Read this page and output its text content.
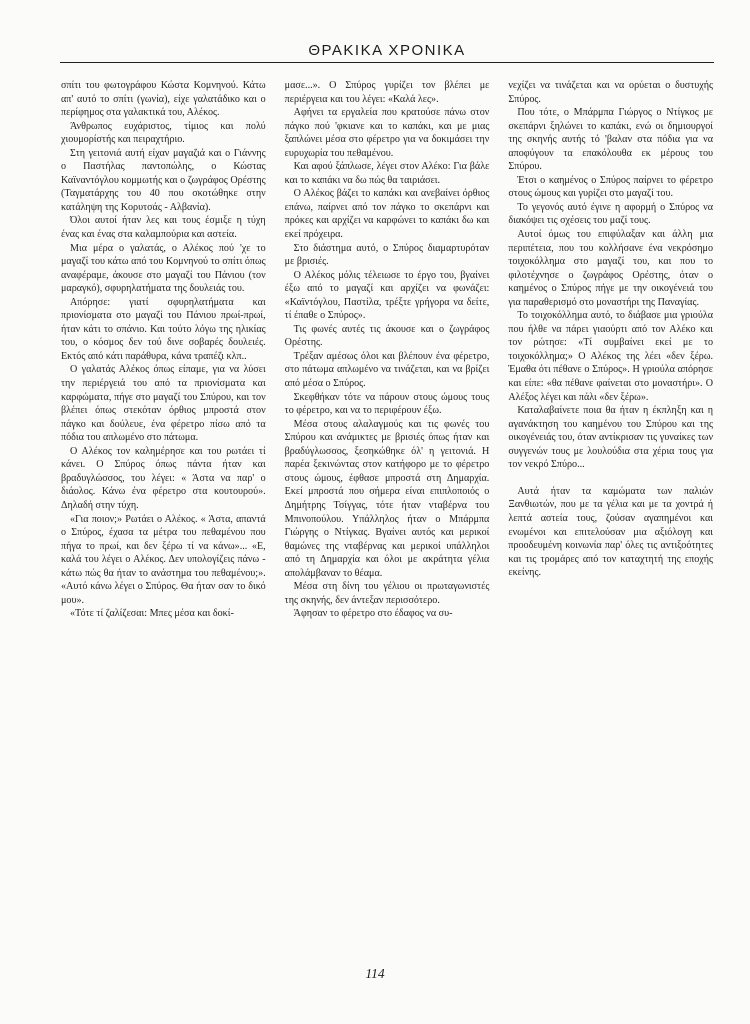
ΘΡΑΚΙΚΑ ΧΡΟΝΙΚΑ

σπίτι του φωτογράφου Κώστα Κομνηνού. Κάτω απ' αυτό το σπίτι (γωνία), είχε γαλατάδικο και ο περίφημος στα γαλακτικά του, Αλέκος.

Άνθρωπος ευχάριστος, τίμιος και πολύ χιουμορίστής και πειραχτήριο.

Στη γειτονιά αυτή είχαν μαγαζιά και ο Γιάννης ο Παστήλας παντοπώλης, ο Κώστας Καϊναντόγλου κομμωτής και ο ζωγράφος Ορέστης (Ταγματάρχης του 40 που σκοτώθηκε στην κατάληψη της Κορυτσάς - Αλβανία).

Όλοι αυτοί ήταν λες και τους έσμιξε η τύχη ένας και ένας στα καλαμπούρια και αστεία.

Μια μέρα ο γαλατάς, ο Αλέκος πού 'χε το μαγαζί του κάτω από του Κομνηνού το σπίτι όπως αναφέραμε, άκουσε στο μαγαζί του Πάνιου (τον μαραγκό), σφυρηλατήματα της δουλειάς του.

Απόρησε: γιατί σφυρηλατήματα και πριονίσματα στο μαγαζί του Πάνιου πρωί-πρωί, ήταν κάτι το σπάνιο. Και τούτο λόγω της ηλικίας του, ο κόσμος δεν τού δινε σοβαρές δουλειές. Εκτός από κάτι παράθυρα, κάνα τραπέζι κλπ..

Ο γαλατάς Αλέκος όπως είπαμε, για να λύσει την περιέργειά του από τα πριονίσματα και καρφώματα, πήγε στο μαγαζί του Σπύρου, και τον βλέπει όπως στεκόταν όρθιος μπροστά στον πάγκο και δούλευε, ένα φέρετρο πίσω από τα πόδια του απλωμένο στο πάτωμα.

Ο Αλέκος τον καλημέρησε και του ρωτάει τί κάνει. Ο Σπύρος όπως πάντα ήταν και βραδυγλώσσος, του λέγει: « Άστα να παρ' ο διάολος. Κάνω ένα φέρετρο στα κουτουρού». Δηλαδή στην τύχη.

«Για ποιον;» Ρωτάει ο Αλέκος. « Άστα, απαντά ο Σπύρος, έχασα τα μέτρα του πεθαμένου που πήγα το πρωί, και δεν ξέρω τί να κάνω»... «Ε, καλά του λέγει ο Αλέκος. Δεν υπολογίζεις πάνω - κάτω πώς θα ήταν το ανάστημα του πεθαμένου;». «Αυτό κάνω λέγει ο Σπύρος. Θα ήταν σαν το δικό μου».

«Τότε τί ζαλίζεσαι: Μπες μέσα και δοκί-

μασε...». Ο Σπύρος γυρίζει τον βλέπει με περιέργεια και του λέγει: «Καλά λες».

Αφήνει τα εργαλεία που κρατούσε πάνω στον πάγκο πού 'φκιανε και το καπάκι, και με μιας ξαπλώνει μέσα στο φέρετρο για να δοκιμάσει την ευρυχωρία του πεθαμένου.

Και αφού ξάπλωσε, λέγει στον Αλέκο: Για βάλε και το καπάκι να δω πώς θα ταιριάσει.

Ο Αλέκος βάζει το καπάκι και ανεβαίνει όρθιος επάνω, παίρνει από τον πάγκο το σκεπάρνι και πρόκες και αρχίζει να καρφώνει το καπάκι δω και εκεί πρόχειρα.

Στο διάστημα αυτό, ο Σπύρος διαμαρτυρόταν με βρισιές.

Ο Αλέκος μόλις τέλειωσε το έργο του, βγαίνει έξω από το μαγαζί και αρχίζει να φωνάζει: «Καϊντόγλου, Παστίλα, τρέξτε γρήγορα να δείτε, τί έπαθε ο Σπύρος».

Τις φωνές αυτές τις άκουσε και ο ζωγράφος Ορέστης.

Τρέξαν αμέσως όλοι και βλέπουν ένα φέρετρο, στο πάτωμα απλωμένο να τινάζεται, και να βρίζει από μέσα ο Σπύρος.

Σκεφθήκαν τότε να πάρουν στους ώμους τους το φέρετρο, και να το περιφέρουν έξω.

Μέσα στους αλαλαγμούς και τις φωνές του Σπύρου και ανάμικτες με βρισιές όπως ήταν και βραδύγλωσσος, ξεσηκώθηκε όλ' η γειτονιά. Η παρέα ξεκινώντας στον κατήφορο με το φέρετρο στους ώμους, έφθασε μπροστά στη Δημαρχία. Εκεί μπροστά που σήμερα είναι επιπλοποιός ο Δημήτρης Τσίγγας, τότε ήταν νταβέρνα του Μπινοπούλου. Υπάλληλος ήταν ο Μπάρμπα Γιώργης ο Ντίγκας. Βγαίνει αυτός και μερικοί θαμώνες της νταβέρνας και μερικοί υπάλληλοι από τη Δημαρχία και όλοι με ακράτητα γέλια απολάμβαναν το θέαμα.

Μέσα στη δίνη του γέλιου οι πρωταγωνιστές της σκηνής, δεν άντεξαν περισσότερο.

Άφησαν το φέρετρο στο έδαφος να συ-

νεχίζει να τινάζεται και να ορύεται ο δυστυχής Σπύρος.

Που τότε, ο Μπάρμπα Γιώργος ο Ντίγκος με σκεπάρνι ξηλώνει το καπάκι, ενώ οι δημιουργοί της σκηνής αυτής τό 'βαλαν στα πόδια για να αποφύγουν τα επακόλουθα εκ μέρους του Σπύρου.

Έτσι ο καημένος ο Σπύρος παίρνει το φέρετρο στους ώμους και γυρίζει στο μαγαζί του.

Το γεγονός αυτό έγινε η αφορμή ο Σπύρος να διακόψει τις σχέσεις του μαζί τους.

Αυτοί όμως του επιφύλαξαν και άλλη μια περιπέτεια, που του κολλήσανε ένα νεκρόσημο τοιχοκόλλημα στο μαγαζί του, και που το φιλοτέχνησε ο ζωγράφος Ορέστης, όταν ο καημένος ο Σπύρος πήγε με την οικογένειά του για παραθερισμό στο μοναστήρι της Παναγίας.

Το τοιχοκόλλημα αυτό, το διάβασε μια γριούλα που ήλθε να πάρει γιαούρτι από τον Αλέκο και τον ρώτησε: «Τί συμβαίνει εκεί με το τοιχοκόλλημα;» Ο Αλέκος της λέει «δεν ξέρω. Έμαθα ότι πέθανε ο Σπύρος». Η γριούλα απόρησε και είπε: «θα πέθανε φαίνεται στο μοναστήρι». Ο Αλέξος λέγει και πάλι «δεν ξέρω».

Καταλαβαίνετε ποια θα ήταν η έκπληξη και η αγανάκτηση του καημένου του Σπύρου και της οικογένειάς του, όταν αντίκρισαν τις γυναίκες των συγγενών τους με λουλούδια στα χέρια τους για τον νεκρό Σπύρο...

Αυτά ήταν τα καμώματα των παλιών Ξανθιωτών, που με τα γέλια και με τα χοντρά ή λεπτά αστεία τους, ζούσαν αγαπημένοι και ενωμένοι και επιτελούσαν μια αξιόλογη και προοδευμένη κοινωνία παρ' όλες τις αντιξοότητες και τις τρομάρες από τον καταχτητή της εποχής εκείνης.

114
